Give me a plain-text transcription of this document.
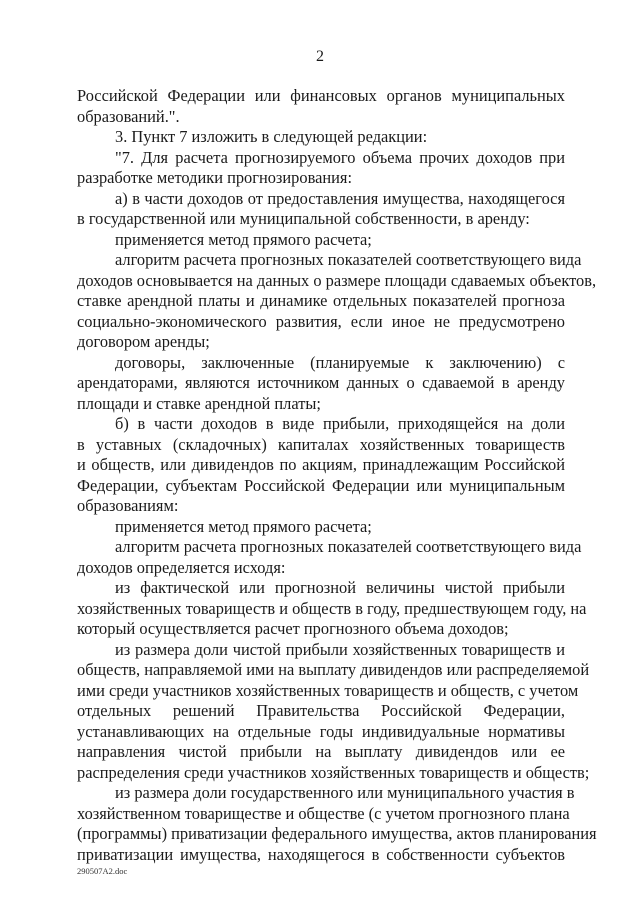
2
Российской Федерации или финансовых органов муниципальных
образований.".
3. Пункт 7 изложить в следующей редакции:
"7. Для расчета прогнозируемого объема прочих доходов при
разработке методики прогнозирования:
а) в части доходов от предоставления имущества, находящегося
в государственной или муниципальной собственности, в аренду:
применяется метод прямого расчета;
алгоритм расчета прогнозных показателей соответствующего вида
доходов основывается на данных о размере площади сдаваемых объектов,
ставке арендной платы и динамике отдельных показателей прогноза
социально-экономического развития, если иное не предусмотрено
договором аренды;
договоры, заключенные (планируемые к заключению) с
арендаторами, являются источником данных о сдаваемой в аренду
площади и ставке арендной платы;
б) в части доходов в виде прибыли, приходящейся на доли
в уставных (складочных) капиталах хозяйственных товариществ
и обществ, или дивидендов по акциям, принадлежащим Российской
Федерации, субъектам Российской Федерации или муниципальным
образованиям:
применяется метод прямого расчета;
алгоритм расчета прогнозных показателей соответствующего вида
доходов определяется исходя:
из фактической или прогнозной величины чистой прибыли
хозяйственных товариществ и обществ в году, предшествующем году, на
который осуществляется расчет прогнозного объема доходов;
из размера доли чистой прибыли хозяйственных товариществ и
обществ, направляемой ими на выплату дивидендов или распределяемой
ими среди участников хозяйственных товариществ и обществ, с учетом
отдельных решений Правительства Российской Федерации,
устанавливающих на отдельные годы индивидуальные нормативы
направления чистой прибыли на выплату дивидендов или ее
распределения среди участников хозяйственных товариществ и обществ;
из размера доли государственного или муниципального участия в
хозяйственном товариществе и обществе (с учетом прогнозного плана
(программы) приватизации федерального имущества, актов планирования
приватизации имущества, находящегося в собственности субъектов
290507A2.doc
